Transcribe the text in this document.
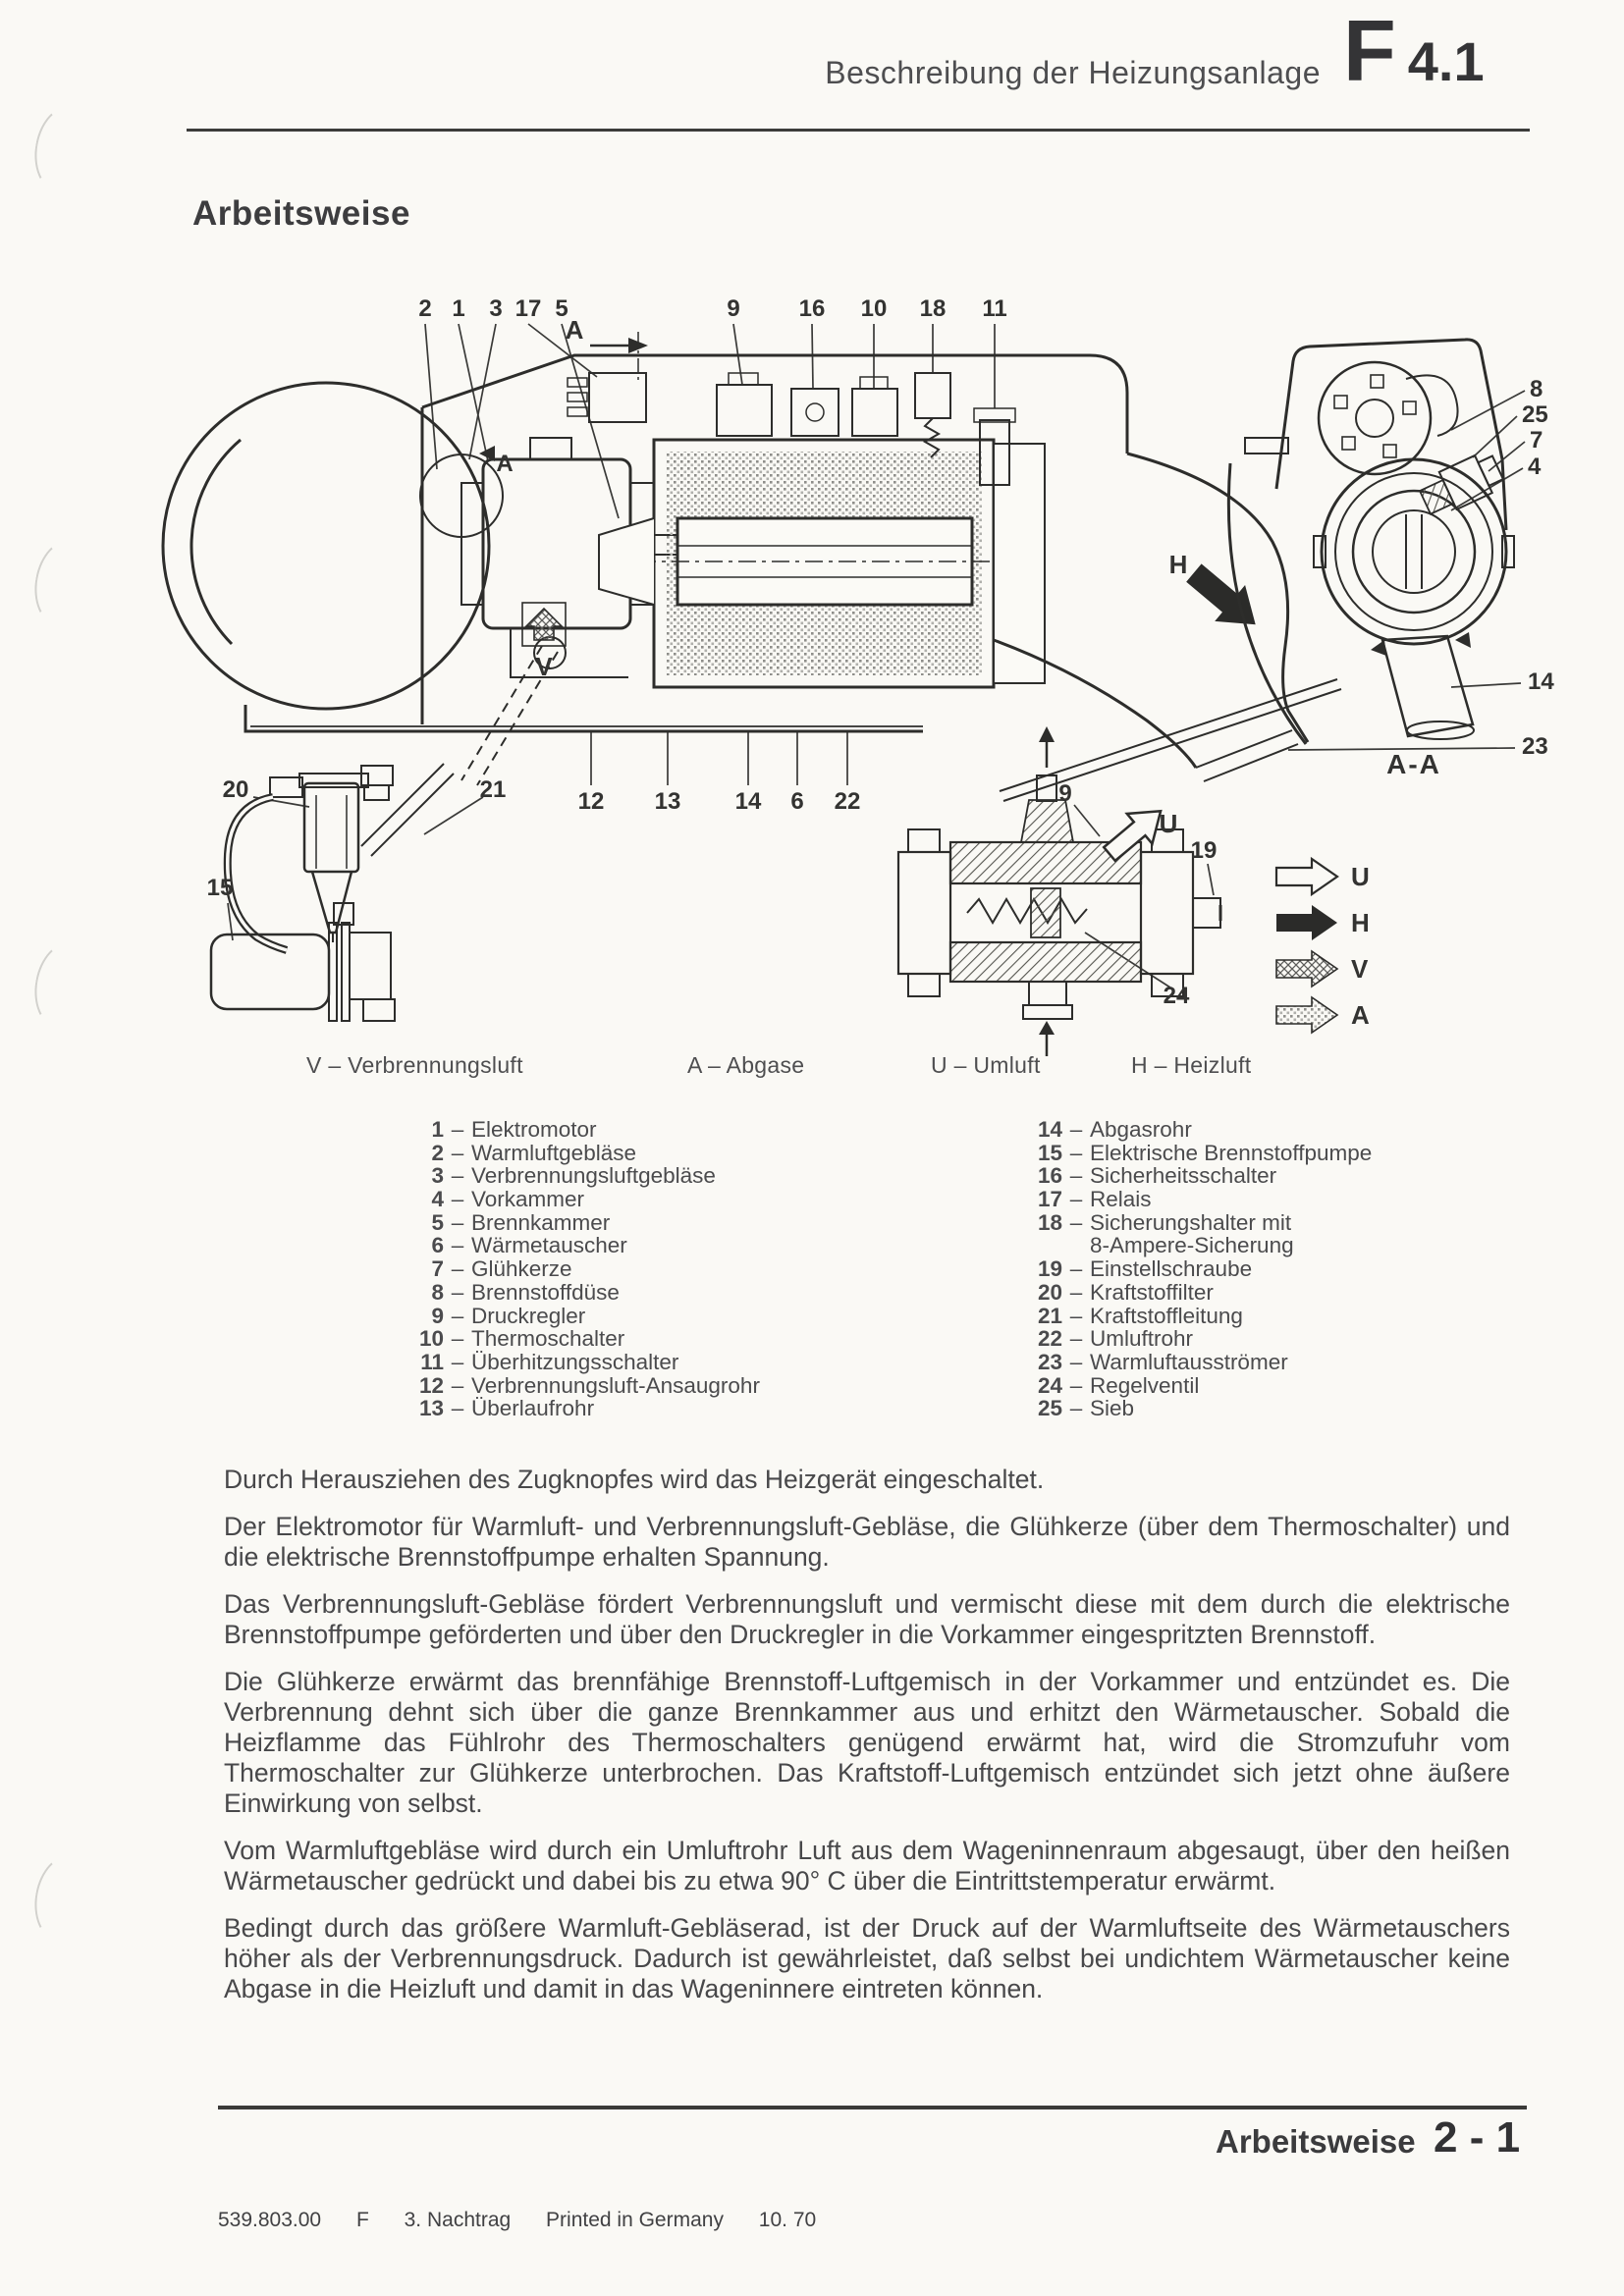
Beschreibung der Heizungsanlage F 4.1
Arbeitsweise
2 1 3 17 5	9 16 10 18 11
12 13 14 6 22
20	21
15
9
19
24
A
A
V
H
U
A-A
8
25
7
4
14
23
U
H
V
A
V – Verbrennungsluft	A – Abgase	U – Umluft	H – Heizluft
1 – Elektromotor
2 – Warmluftgebläse
3 – Verbrennungsluftgebläse
4 – Vorkammer
5 – Brennkammer
6 – Wärmetauscher
7 – Glühkerze
8 – Brennstoffdüse
9 – Druckregler
10 – Thermoschalter
11 – Überhitzungsschalter
12 – Verbrennungsluft-Ansaugrohr
13 – Überlaufrohr
14 – Abgasrohr
15 – Elektrische Brennstoffpumpe
16 – Sicherheitsschalter
17 – Relais
18 – Sicherungshalter mit
8-Ampere-Sicherung
19 – Einstellschraube
20 – Kraftstoffilter
21 – Kraftstoffleitung
22 – Umluftrohr
23 – Warmluftausströmer
24 – Regelventil
25 – Sieb

Durch Herausziehen des Zugknopfes wird das Heizgerät eingeschaltet.

Der Elektromotor für Warmluft- und Verbrennungsluft-Gebläse, die Glühkerze (über dem Thermoschalter) und die elektrische Brennstoffpumpe erhalten Spannung.

Das Verbrennungsluft-Gebläse fördert Verbrennungsluft und vermischt diese mit dem durch die elektrische Brennstoffpumpe geförderten und über den Druckregler in die Vorkammer eingespritzten Brennstoff.

Die Glühkerze erwärmt das brennfähige Brennstoff-Luftgemisch in der Vorkammer und entzündet es. Die Verbrennung dehnt sich über die ganze Brennkammer aus und erhitzt den Wärmetauscher. Sobald die Heizflamme das Fühlrohr des Thermoschalters genügend erwärmt hat, wird die Stromzufuhr vom Thermoschalter zur Glühkerze unterbrochen. Das Kraftstoff-Luftgemisch entzündet sich jetzt ohne äußere Einwirkung von selbst.

Vom Warmluftgebläse wird durch ein Umluftrohr Luft aus dem Wageninnenraum abgesaugt, über den heißen Wärmetauscher gedrückt und dabei bis zu etwa 90° C über die Eintrittstemperatur erwärmt.

Bedingt durch das größere Warmluft-Gebläserad, ist der Druck auf der Warmluftseite des Wärmetauschers höher als der Verbrennungsdruck. Dadurch ist gewährleistet, daß selbst bei undichtem Wärmetauscher keine Abgase in die Heizluft und damit in das Wageninnere eintreten können.

Arbeitsweise 2 - 1
539.803.00 F 3. Nachtrag Printed in Germany 10. 70
